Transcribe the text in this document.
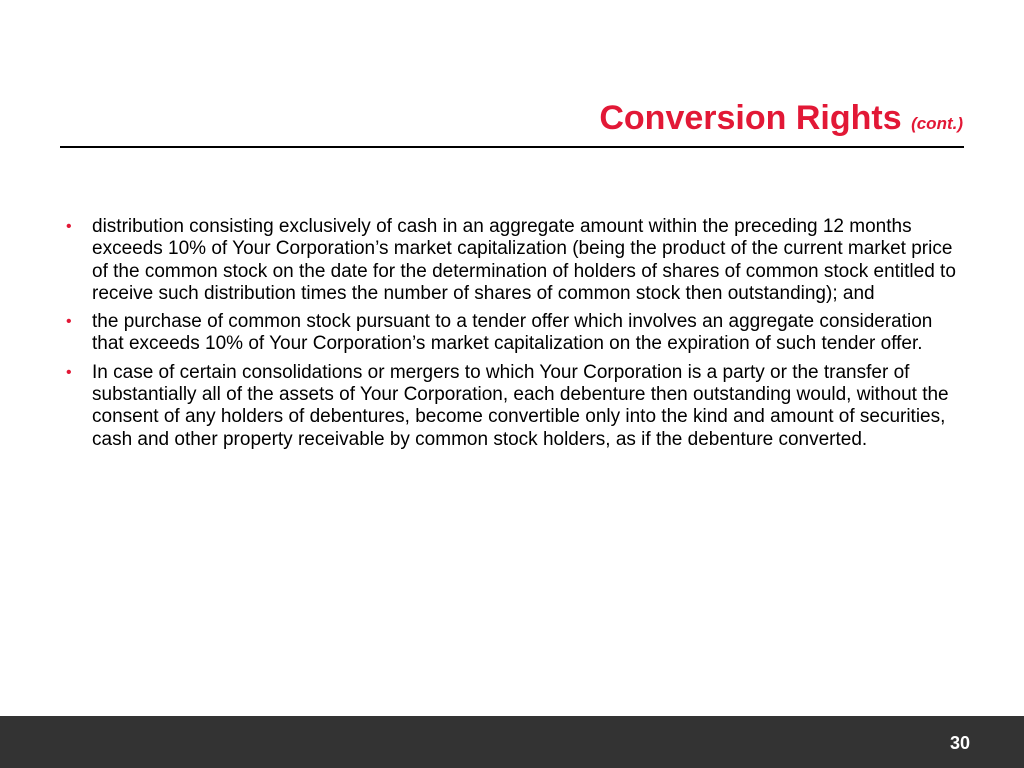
Conversion Rights (cont.)
• distribution consisting exclusively of cash in an aggregate amount within the preceding 12 months exceeds 10% of Your Corporation’s market capitalization (being the product of the current market price of the common stock on the date for the determination of holders of shares of common stock entitled to receive such distribution times the number of shares of common stock then outstanding); and
• the purchase of common stock pursuant to a tender offer which involves an aggregate consideration that exceeds 10% of Your Corporation’s market capitalization on the expiration of such tender offer.
• In case of certain consolidations or mergers to which Your Corporation is a party or the transfer of substantially all of the assets of Your Corporation, each debenture then outstanding would, without the consent of any holders of debentures, become convertible only into the kind and amount of securities, cash and other property receivable by common stock holders, as if the debenture converted.
30
